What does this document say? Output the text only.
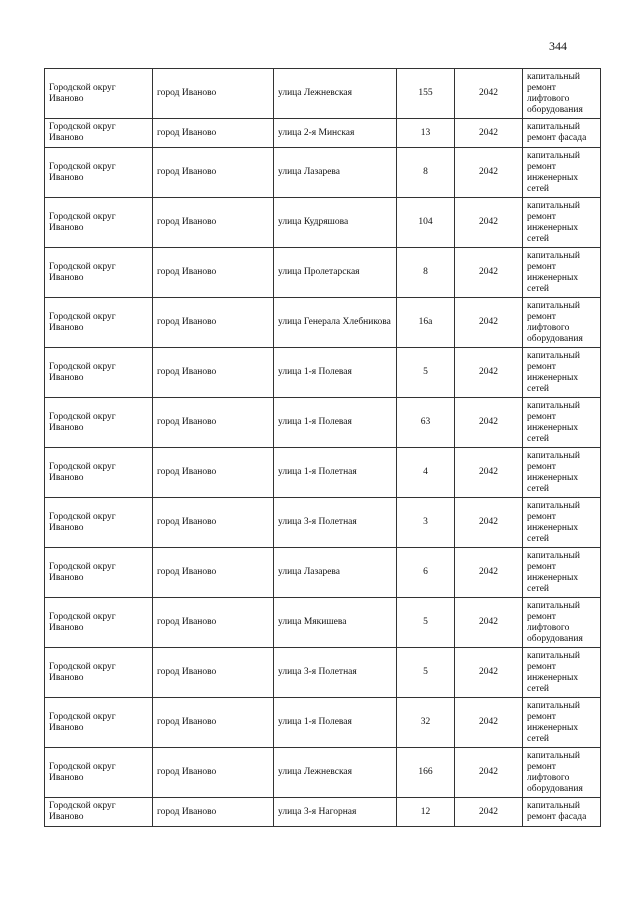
344
Городской округ Иваново	город Иваново	улица Лежневская	155	2042	капитальный ремонт лифтового оборудования
Городской округ Иваново	город Иваново	улица 2-я Минская	13	2042	капитальный ремонт фасада
Городской округ Иваново	город Иваново	улица Лазарева	8	2042	капитальный ремонт инженерных сетей
Городской округ Иваново	город Иваново	улица Кудряшова	104	2042	капитальный ремонт инженерных сетей
Городской округ Иваново	город Иваново	улица Пролетарская	8	2042	капитальный ремонт инженерных сетей
Городской округ Иваново	город Иваново	улица Генерала Хлебникова	16а	2042	капитальный ремонт лифтового оборудования
Городской округ Иваново	город Иваново	улица 1-я Полевая	5	2042	капитальный ремонт инженерных сетей
Городской округ Иваново	город Иваново	улица 1-я Полевая	63	2042	капитальный ремонт инженерных сетей
Городской округ Иваново	город Иваново	улица 1-я Полетная	4	2042	капитальный ремонт инженерных сетей
Городской округ Иваново	город Иваново	улица 3-я Полетная	3	2042	капитальный ремонт инженерных сетей
Городской округ Иваново	город Иваново	улица Лазарева	6	2042	капитальный ремонт инженерных сетей
Городской округ Иваново	город Иваново	улица Мякишева	5	2042	капитальный ремонт лифтового оборудования
Городской округ Иваново	город Иваново	улица 3-я Полетная	5	2042	капитальный ремонт инженерных сетей
Городской округ Иваново	город Иваново	улица 1-я Полевая	32	2042	капитальный ремонт инженерных сетей
Городской округ Иваново	город Иваново	улица Лежневская	166	2042	капитальный ремонт лифтового оборудования
Городской округ Иваново	город Иваново	улица 3-я Нагорная	12	2042	капитальный ремонт фасада
